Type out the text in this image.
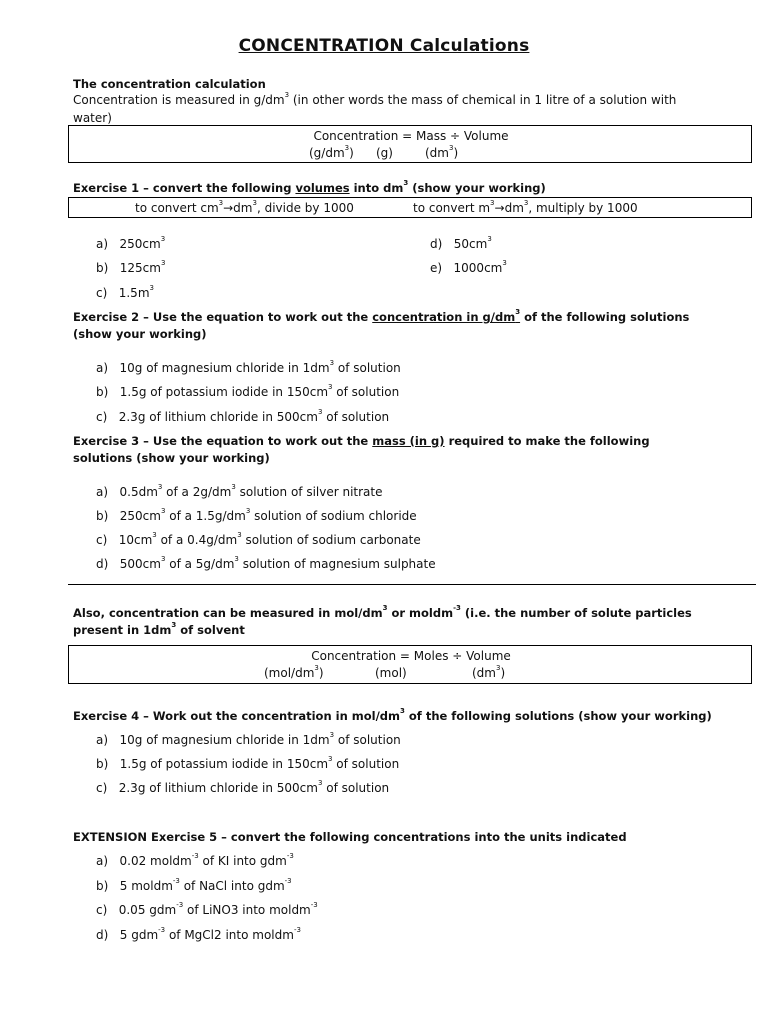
CONCENTRATION Calculations
The concentration calculation
Concentration is measured in $g/dm^3$ (in other words the mass of chemical in 1 litre of a solution with
water)
Concentration = Mass ÷ Volume
$(g/dm^3)$ (g)	$(dm^3)$
Exercise 1 – convert the following volumes into $dm^3$ (show your working)
to convert $cm^3\to dm^3$, divide by 1000	to convert $m^3\to dm^3$, multiply by 1000
a) $250cm^3$
b) $125cm^3$
c) $1.5m^3$
d) $50cm^3$
e) $1000cm^3$
Exercise 2 – Use the equation to work out the concentration in $g/dm^3$ of the following solutions
(show your working)
a) 10g of magnesium chloride in $1dm^3$ of solution
b) 1.5g of potassium iodide in $150cm^3$ of solution
c) 2.3g of lithium chloride in $500cm^3$ of solution
Exercise 3 – Use the equation to work out the mass (in g) required to make the following
solutions (show your working)
a) $0.5dm^3$ of a $2g/dm^3$ solution of silver nitrate
b) $250cm^3$ of a $1.5g/dm^3$ solution of sodium chloride
c) $10cm^3$ of a $0.4g/dm^3$ solution of sodium carbonate
d) $500cm^3$ of a $5g/dm^3$ solution of magnesium sulphate
Also, concentration can be measured in mol/$dm^3$ or moldm$^{-3}$ (i.e. the number of solute particles
present in $1dm^3$ of solvent
Concentration = Moles ÷ Volume
$(mol/dm^3)$	(mol)	$(dm^3)$
Exercise 4 – Work out the concentration in mol/$dm^3$ of the following solutions (show your working)
a) 10g of magnesium chloride in $1dm^3$ of solution
b) 1.5g of potassium iodide in $150cm^3$ of solution
c) 2.3g of lithium chloride in $500cm^3$ of solution
EXTENSION Exercise 5 – convert the following concentrations into the units indicated
a) 0.02 moldm$^{-3}$ of KI into gdm$^{-3}$
b) 5 moldm$^{-3}$ of NaCl into gdm$^{-3}$
c) 0.05 gdm$^{-3}$ of LiNO3 into moldm$^{-3}$
d) 5 gdm$^{-3}$ of MgCl2 into moldm$^{-3}$
